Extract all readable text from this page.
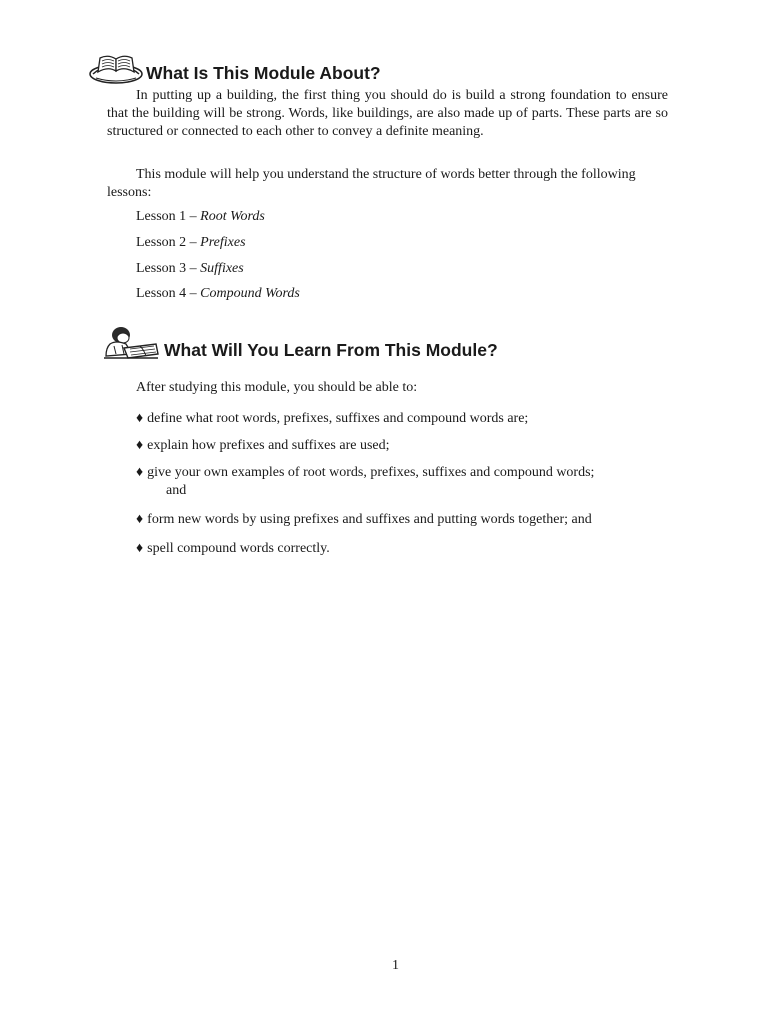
What Is This Module About?
In putting up a building, the first thing you should do is build a strong foundation to ensure that the building will be strong. Words, like buildings, are also made up of parts. These parts are so structured or connected to each other to convey a definite meaning.
This module will help you understand the structure of words better through the following lessons:
Lesson 1 – Root Words
Lesson 2 – Prefixes
Lesson 3 – Suffixes
Lesson 4 – Compound Words
What Will You Learn From This Module?
After studying this module, you should be able to:
♦ define what root words, prefixes, suffixes and compound words are;
♦ explain how prefixes and suffixes are used;
♦ give your own examples of root words, prefixes, suffixes and compound words;
and
♦ form new words by using prefixes and suffixes and putting words together; and
♦ spell compound words correctly.
1
